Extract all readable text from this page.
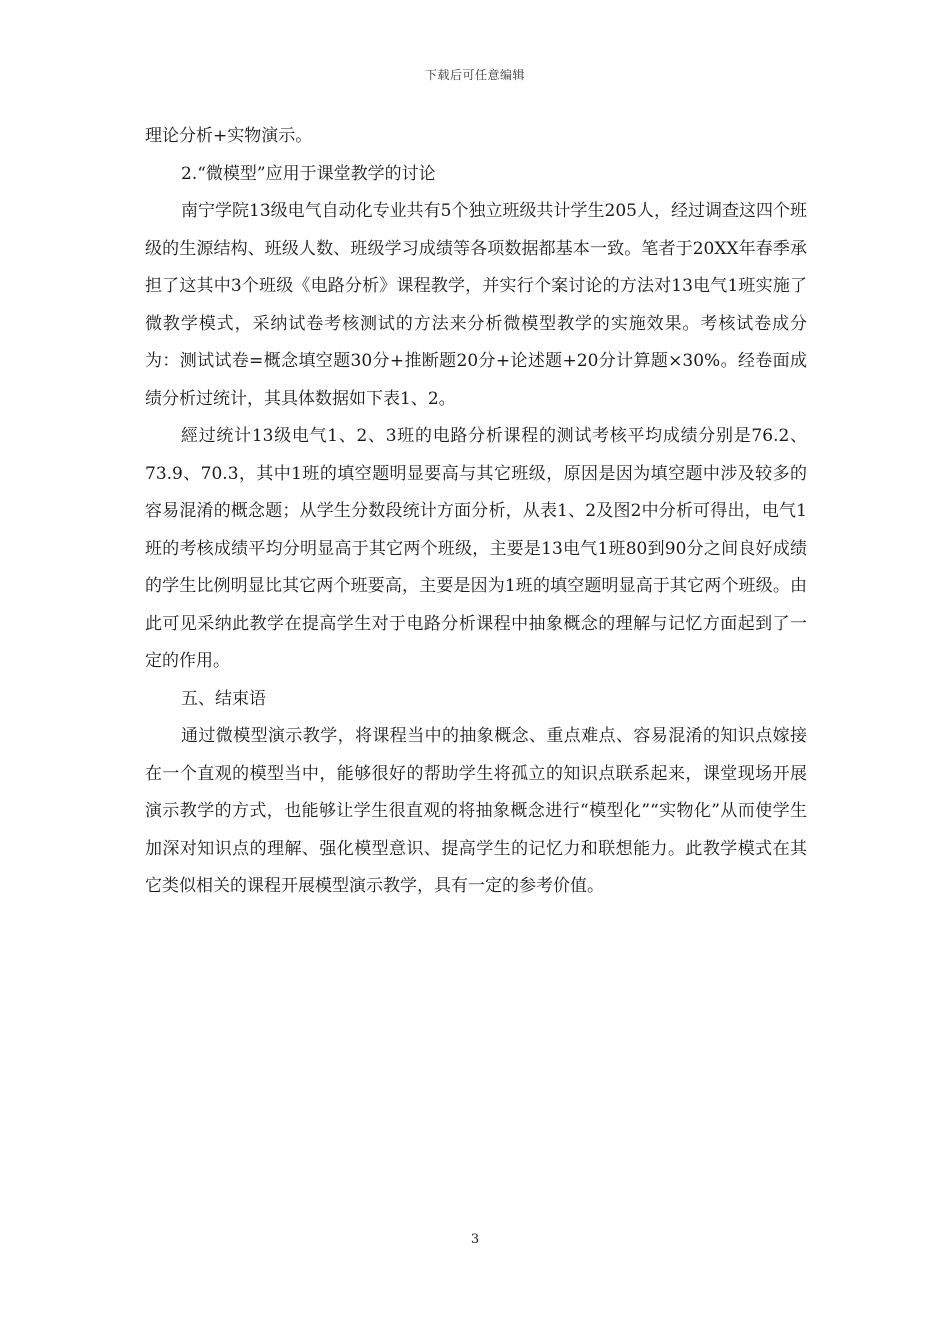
下载后可任意编辑

理论分析+实物演示。

2.“微模型”应用于课堂教学的讨论

南宁学院13级电气自动化专业共有5个独立班级共计学生205人，经过调查这四个班级的生源结构、班级人数、班级学习成绩等各项数据都基本一致。笔者于20XX年春季承担了这其中3个班级《电路分析》课程教学，并实行个案讨论的方法对13电气1班实施了微教学模式，采纳试卷考核测试的方法来分析微模型教学的实施效果。考核试卷成分为：测试试卷=概念填空题30分+推断题20分+论述题+20分计算题×30%。经卷面成绩分析过统计，其具体数据如下表1、2。

經过统计13级电气1、2、3班的电路分析课程的测试考核平均成绩分别是76.2、73.9、70.3，其中1班的填空题明显要高与其它班级，原因是因为填空题中涉及较多的容易混淆的概念题；从学生分数段统计方面分析，从表1、2及图2中分析可得出，电气1班的考核成绩平均分明显高于其它两个班级，主要是13电气1班80到90分之间良好成绩的学生比例明显比其它两个班要高，主要是因为1班的填空题明显高于其它两个班级。由此可见采纳此教学在提高学生对于电路分析课程中抽象概念的理解与记忆方面起到了一定的作用。

五、结束语

通过微模型演示教学，将课程当中的抽象概念、重点难点、容易混淆的知识点嫁接在一个直观的模型当中，能够很好的帮助学生将孤立的知识点联系起来，课堂现场开展演示教学的方式，也能够让学生很直观的将抽象概念进行“模型化”“实物化”从而使学生加深对知识点的理解、强化模型意识、提高学生的记忆力和联想能力。此教学模式在其它类似相关的课程开展模型演示教学，具有一定的参考价值。

3
